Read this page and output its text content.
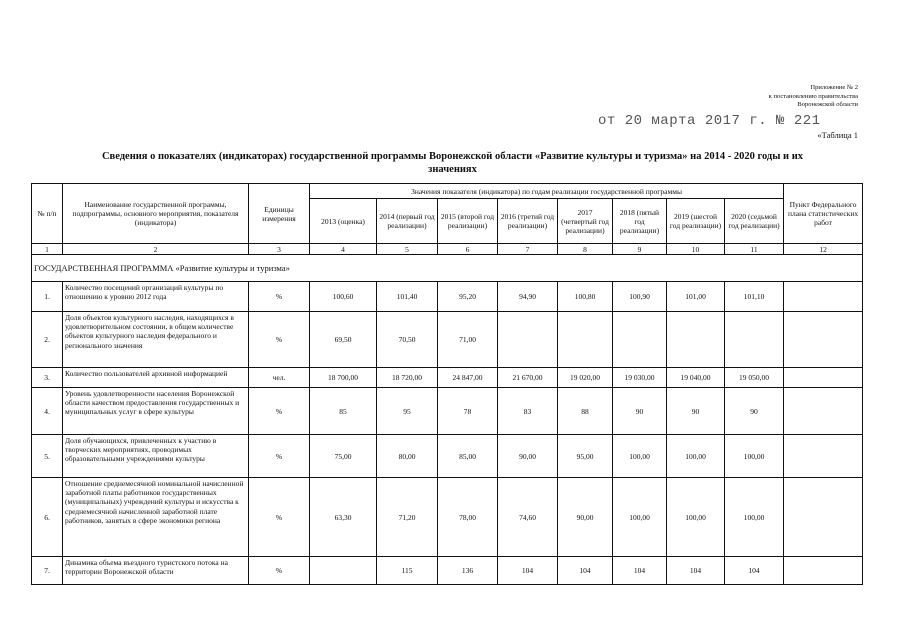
Приложение № 2
к постановлению правительства
Воронежской области
от 20 марта 2017 г. № 221
«Таблица 1
Сведения о показателях (индикаторах) государственной программы Воронежской области «Развитие культуры и туризма» на 2014 - 2020 годы и их
значениях
№ п/п	Наименование государственной программы, подпрограммы, основного мероприятия, показателя (индикатора)	Единицы измерения	Значения показателя (индикатора) по годам реализации государственной программы								Пункт Федерального плана статистических работ
			2013 (оценка)	2014 (первый год реализации)	2015 (второй год реализации)	2016 (третий год реализации)	2017 (четвертый год реализации)	2018 (пятый год реализации)	2019 (шестой год реализации)	2020 (седьмой год реализации)	
1	2	3	4	5	6	7	8	9	10	11	12
ГОСУДАРСТВЕННАЯ ПРОГРАММА «Развитие культуры и туризма»											
1.	Количество посещений организаций культуры по отношению к уровню 2012 года	%	100,60	101,40	95,20	94,90	100,80	100,90	101,00	101,10	
2.	Доля объектов культурного наследия, находящихся в удовлетворительном состоянии, в общем количестве объектов культурного наследия федерального и регионального значения	%	69,50	70,50	71,00						
3.	Количество пользователей архивной информацией	чел.	18 700,00	18 720,00	24 847,00	21 670,00	19 020,00	19 030,00	19 040,00	19 050,00	
4.	Уровень удовлетворенности населения Воронежской области качеством предоставления государственных и муниципальных услуг в сфере культуры	%	85	95	78	83	88	90	90	90	
5.	Доля обучающихся, привлеченных к участию в творческих мероприятиях, проводимых образовательными учреждениями культуры	%	75,00	80,00	85,00	90,00	95,00	100,00	100,00	100,00	
6.	Отношение среднемесячной номинальной начисленной заработной платы работников государственных (муниципальных) учреждений культуры и искусства к среднемесячной начисленной заработной плате работников, занятых в сфере экономики региона	%	63,30	71,20	78,00	74,60	90,00	100,00	100,00	100,00	
7.	Динамика объема въездного туристского потока на территории Воронежской области	%		115	136	104	104	104	104	104	
